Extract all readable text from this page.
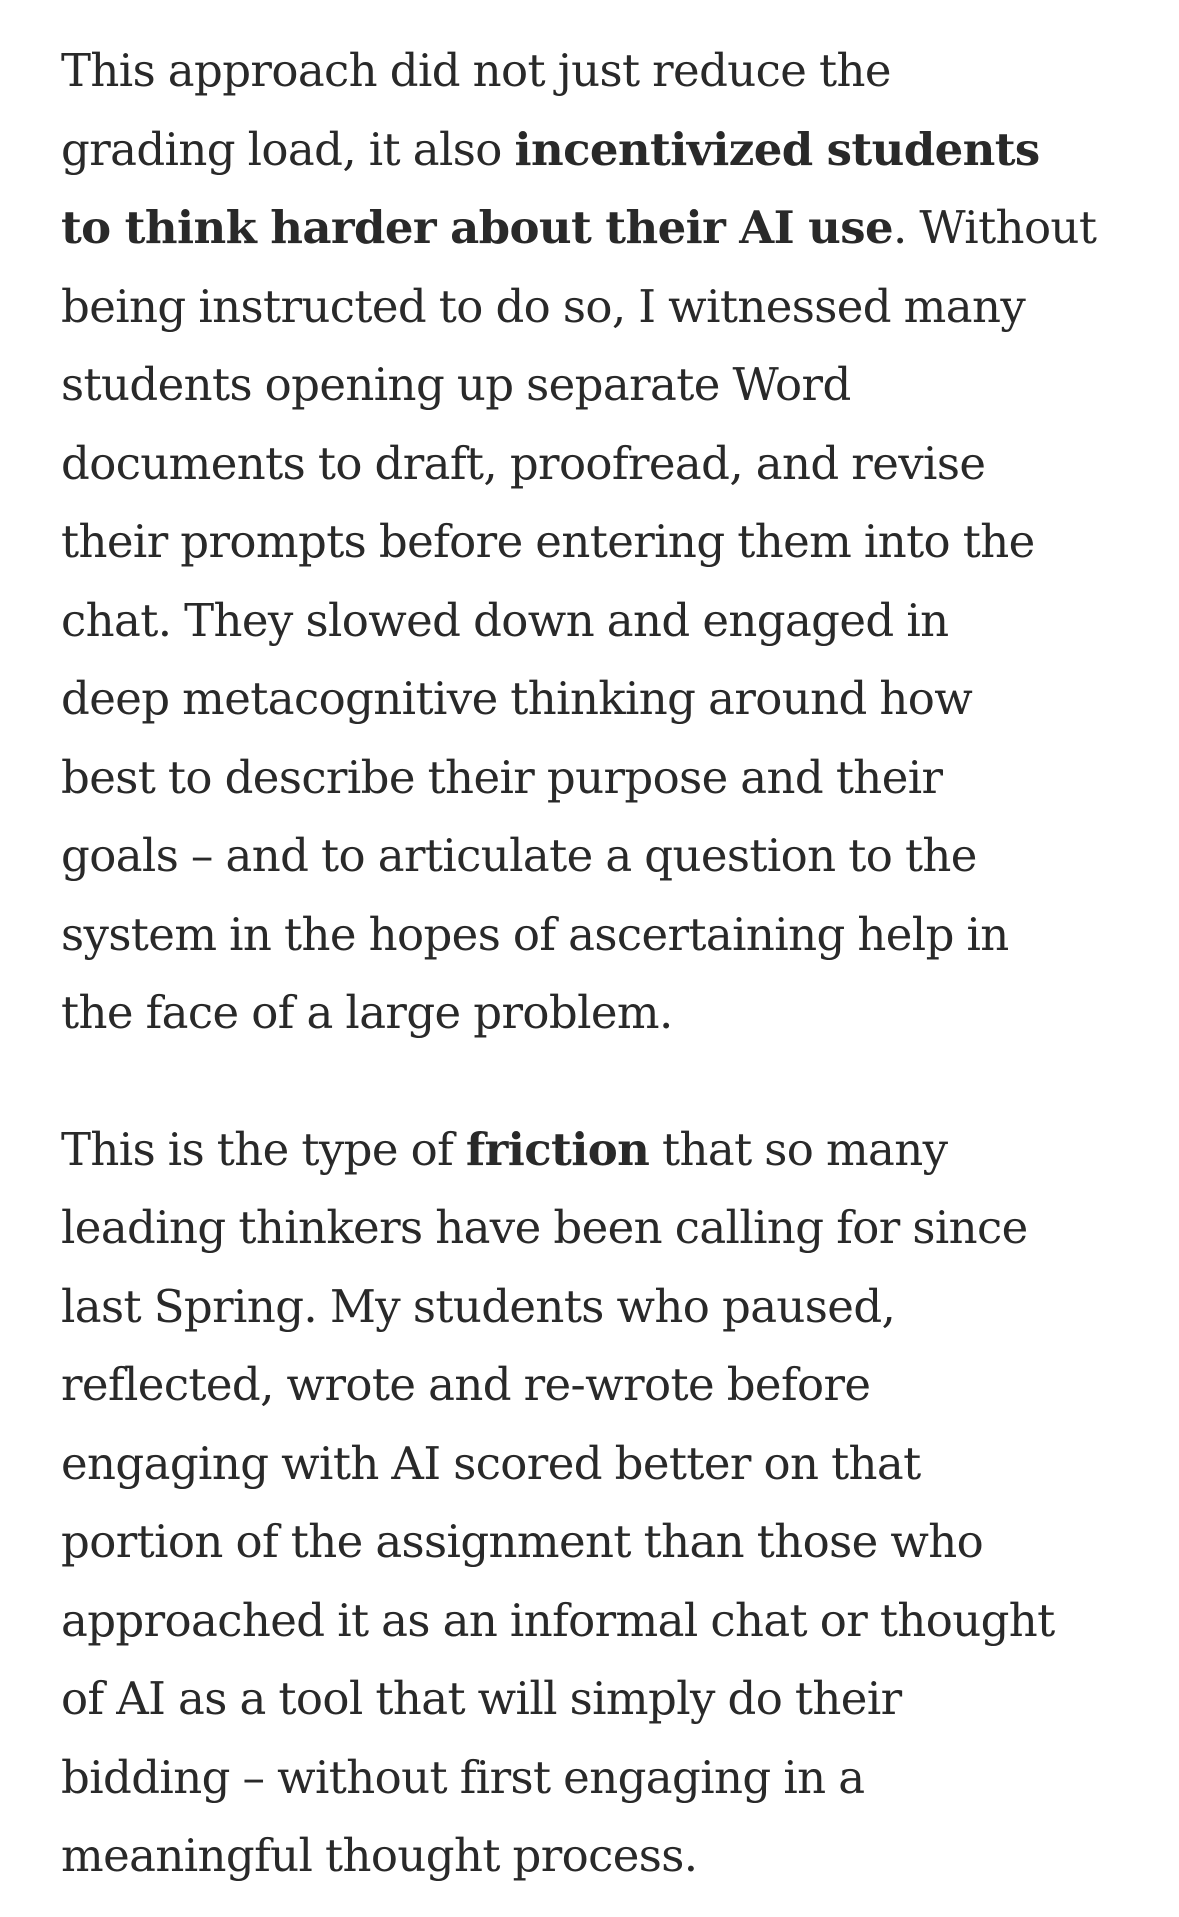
This approach did not just reduce the
grading load, it also incentivized students
to think harder about their AI use. Without
being instructed to do so, I witnessed many
students opening up separate Word
documents to draft, proofread, and revise
their prompts before entering them into the
chat. They slowed down and engaged in
deep metacognitive thinking around how
best to describe their purpose and their
goals – and to articulate a question to the
system in the hopes of ascertaining help in
the face of a large problem.

This is the type of friction that so many
leading thinkers have been calling for since
last Spring. My students who paused,
reflected, wrote and re-wrote before
engaging with AI scored better on that
portion of the assignment than those who
approached it as an informal chat or thought
of AI as a tool that will simply do their
bidding – without first engaging in a
meaningful thought process.
